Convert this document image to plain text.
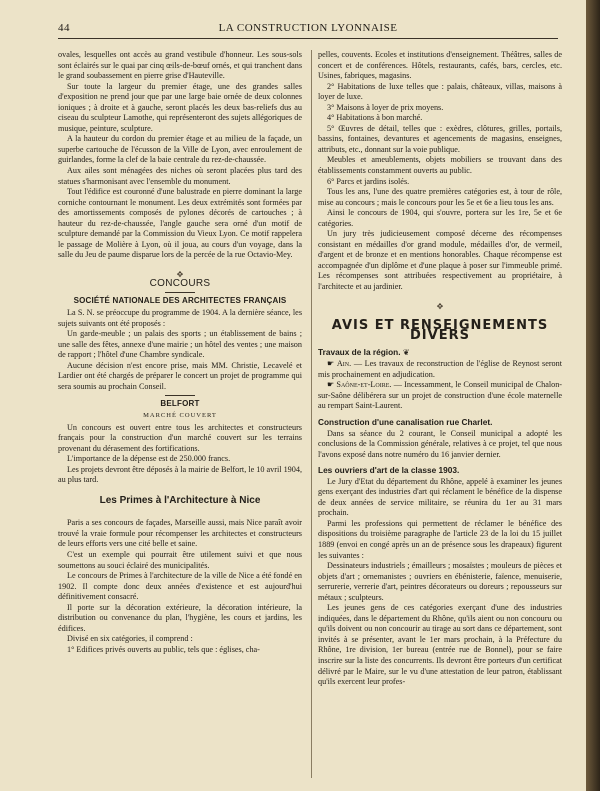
44	LA CONSTRUCTION LYONNAISE

ovales, lesquelles ont accès au grand vestibule d'honneur. Les sous-sols sont éclairés sur le quai par cinq œils-de-bœuf ornés, et qui tranchent dans le grand soubassement en pierre grise d'Hauteville.

Sur toute la largeur du premier étage, une des grandes salles d'exposition ne prend jour que par une large baie ornée de deux colonnes ioniques ; à droite et à gauche, seront placés les deux bas-reliefs dus au ciseau du sculpteur Lamothe, qui représenteront des sujets allégoriques de musique, peinture, sculpture.

A la hauteur du cordon du premier étage et au milieu de la façade, un superbe cartouche de l'écusson de la Ville de Lyon, avec enroulement de guirlandes, forme la clef de la baie centrale du rez-de-chaussée.

Aux ailes sont ménagées des niches où seront placées plus tard des statues s'harmonisant avec l'ensemble du monument.

Tout l'édifice est couronné d'une balustrade en pierre dominant la large corniche contournant le monument. Les deux extrémités sont formées par des amortissements composés de pylones décorés de cartouches ; à hauteur du rez-de-chaussée, l'angle gauche sera orné d'un motif de sculpture demandé par la Commission du Vieux Lyon. Ce motif rappelera le passage de Molière à Lyon, où il joua, au cours d'un voyage, dans la salle du Jeu de paume disparue lors de la percée de la rue Octavio-Mey.

✥
CONCOURS
SOCIÉTÉ NATIONALE DES ARCHITECTES FRANÇAIS

La S. N. se préoccupe du programme de 1904. A la dernière séance, les sujets suivants ont été proposés :

Un garde-meuble ; un palais des sports ; un établissement de bains ; une salle des fêtes, annexe d'une mairie ; un hôtel des ventes ; une maison de rapport ; l'hôtel d'une Chambre syndicale.

Aucune décision n'est encore prise, mais MM. Christie, Lecavelé et Lardier ont été chargés de préparer le concert un projet de programme qui sera soumis au prochain Conseil.

BELFORT
MARCHÉ COUVERT

Un concours est ouvert entre tous les architectes et constructeurs français pour la construction d'un marché couvert sur les terrains provenant du dérasement des fortifications.

L'importance de la dépense est de 250.000 francs.

Les projets devront être déposés à la mairie de Belfort, le 10 avril 1904, au plus tard.

Les Primes à l'Architecture à Nice

Paris a ses concours de façades, Marseille aussi, mais Nice paraît avoir trouvé la vraie formule pour récompenser les architectes et constructeurs de leurs efforts vers une cité belle et saine.

C'est un exemple qui pourrait être utilement suivi et que nous soumettons au souci éclairé des municipalités.

Le concours de Primes à l'architecture de la ville de Nice a été fondé en 1902. Il compte donc deux années d'existence et est aujourd'hui définitivement consacré.

Il porte sur la décoration extérieure, la décoration intérieure, la distribution ou convenance du plan, l'hygiène, les cours et jardins, les édifices.

Divisé en six catégories, il comprend :

1° Edifices privés ouverts au public, tels que : églises, cha-

pelles, couvents. Ecoles et institutions d'enseignement. Théâtres, salles de concert et de conférences. Hôtels, restaurants, cafés, bars, cercles, etc. Usines, fabriques, magasins.

2° Habitations de luxe telles que : palais, châteaux, villas, maisons à loyer de luxe.

3° Maisons à loyer de prix moyens.

4° Habitations à bon marché.

5° Œuvres de détail, telles que : exèdres, clôtures, grilles, portails, bassins, fontaines, devantures et agencements de magasins, enseignes, attributs, etc., donnant sur la voie publique.

Meubles et ameublements, objets mobiliers se trouvant dans des établissements constamment ouverts au public.

6° Parcs et jardins isolés.

Tous les ans, l'une des quatre premières catégories est, à tour de rôle, mise au concours ; mais le concours pour les 5e et 6e a lieu tous les ans.

Ainsi le concours de 1904, qui s'ouvre, portera sur les 1re, 5e et 6e catégories.

Un jury très judicieusement composé décerne des récompenses consistant en médailles d'or grand module, médailles d'or, de vermeil, d'argent et de bronze et en mentions honorables. Chaque récompense est accompagnée d'un diplôme et d'une plaque à poser sur l'immeuble primé. Les récompenses sont attribuées respectivement au propriétaire, à l'architecte et au jardinier.

✥
AVIS ET RENSEIGNEMENTS DIVERS
Travaux de la région. ❦

☛ Ain. — Les travaux de reconstruction de l'église de Reynost seront mis prochainement en adjudication.

☛ Saône-et-Loire. — Incessamment, le Conseil municipal de Chalon-sur-Saône délibérera sur un projet de construction d'une école maternelle au rempart Saint-Laurent.

Construction d'une canalisation rue Charlet.

Dans sa séance du 2 courant, le Conseil municipal a adopté les conclusions de la Commission générale, relatives à ce projet, tel que nous l'avons exposé dans notre numéro du 16 janvier dernier.

Les ouvriers d'art de la classe 1903.

Le Jury d'Etat du département du Rhône, appelé à examiner les jeunes gens exerçant des industries d'art qui réclament le bénéfice de la dispense de deux années de service militaire, se réunira du 1er au 31 mars prochain.

Parmi les professions qui permettent de réclamer le bénéfice des dispositions du troisième paragraphe de l'article 23 de la loi du 15 juillet 1889 (envoi en congé après un an de présence sous les drapeaux) figurent les suivantes :

Dessinateurs industriels ; émailleurs ; mosaïstes ; mouleurs de pièces et objets d'art ; ornemanistes ; ouvriers en ébénisterie, faïence, menuiserie, serrurerie, verrerie d'art, peintres décorateurs ou doreurs ; repousseurs sur métaux ; sculpteurs.

Les jeunes gens de ces catégories exerçant d'une des industries indiquées, dans le département du Rhône, qu'ils aient ou non concouru ou qu'ils doivent ou non concourir au tirage au sort dans ce département, sont invités à se présenter, avant le 1er mars prochain, à la Préfecture du Rhône, 1re division, 1er bureau (entrée rue de Bonnel), pour se faire inscrire sur la liste des concurrents. Ils devront être porteurs d'un certificat délivré par le Maire, sur le vu d'une attestation de leur patron, établissant qu'ils exercent leur profes-
